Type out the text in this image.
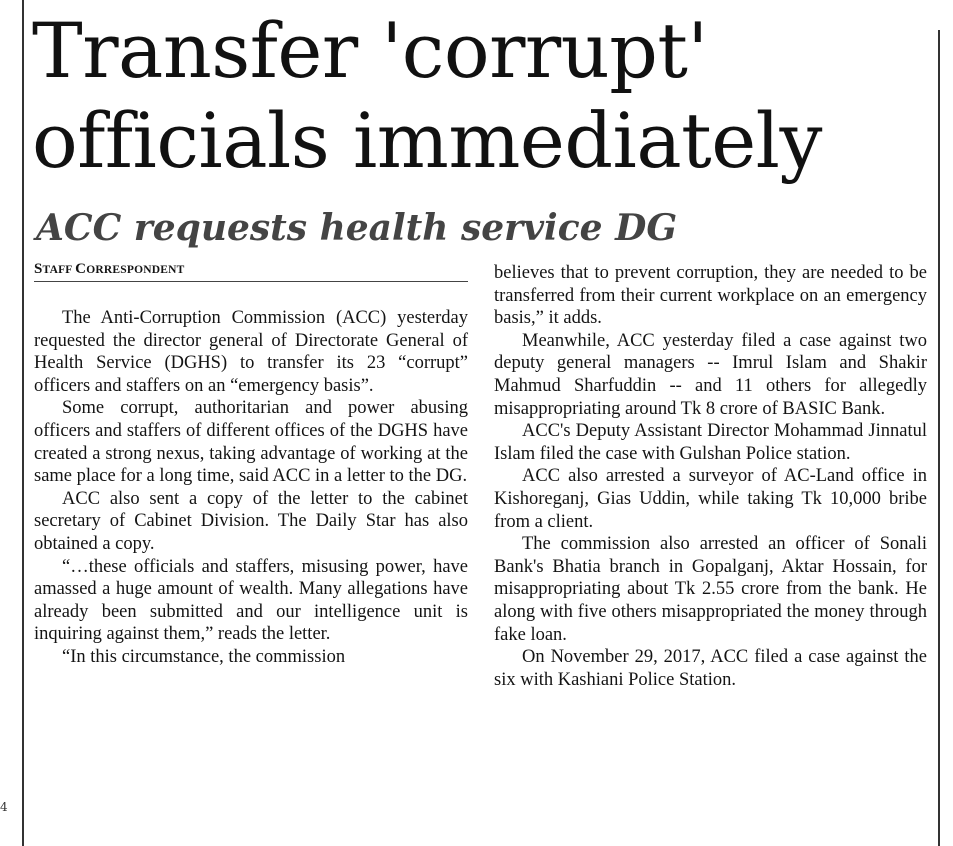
4
Transfer 'corrupt' officials immediately
ACC requests health service DG
STAFF CORRESPONDENT

The Anti-Corruption Commission (ACC) yesterday requested the director general of Directorate General of Health Service (DGHS) to transfer its 23 “corrupt” officers and staffers on an “emergency basis”.

Some corrupt, authoritarian and power abusing officers and staffers of different offices of the DGHS have created a strong nexus, taking advantage of working at the same place for a long time, said ACC in a letter to the DG.

ACC also sent a copy of the letter to the cabinet secretary of Cabinet Division. The Daily Star has also obtained a copy.

“…these officials and staffers, misusing power, have amassed a huge amount of wealth. Many allegations have already been submitted and our intelligence unit is inquiring against them,” reads the letter.

“In this circumstance, the commission

believes that to prevent corruption, they are needed to be transferred from their current workplace on an emergency basis,” it adds.

Meanwhile, ACC yesterday filed a case against two deputy general managers -- Imrul Islam and Shakir Mahmud Sharfuddin -- and 11 others for allegedly misappropriating around Tk 8 crore of BASIC Bank.

ACC's Deputy Assistant Director Mohammad Jinnatul Islam filed the case with Gulshan Police station.

ACC also arrested a surveyor of AC-Land office in Kishoreganj, Gias Uddin, while taking Tk 10,000 bribe from a client.

The commission also arrested an officer of Sonali Bank's Bhatia branch in Gopalganj, Aktar Hossain, for misappropriating about Tk 2.55 crore from the bank. He along with five others misappropriated the money through fake loan.

On November 29, 2017, ACC filed a case against the six with Kashiani Police Station.
